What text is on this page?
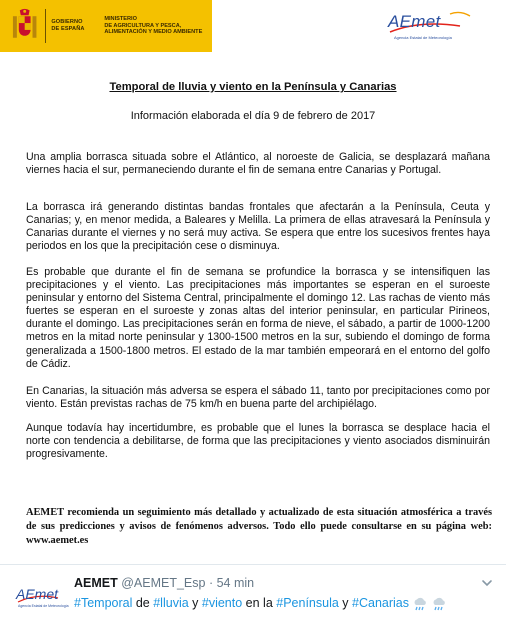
GOBIERNO
DE ESPAÑA
MINISTERIO
DE AGRICULTURA Y PESCA,
ALIMENTACIÓN Y MEDIO AMBIENTE
AEmet
Agencia Estatal de Meteorología
Temporal de lluvia y viento en la Península y Canarias
Información elaborada el día 9 de febrero de 2017

Una amplia borrasca situada sobre el Atlántico, al noroeste de Galicia, se desplazará mañana viernes hacia el sur, permaneciendo durante el fin de semana entre Canarias y Portugal.

La borrasca irá generando distintas bandas frontales que afectarán a la Península, Ceuta y Canarias; y, en menor medida, a Baleares y Melilla. La primera de ellas atravesará la Península y Canarias durante el viernes y no será muy activa. Se espera que entre los sucesivos frentes haya periodos en los que la precipitación cese o disminuya.

Es probable que durante el fin de semana se profundice la borrasca y se intensifiquen las precipitaciones y el viento. Las precipitaciones más importantes se esperan en el suroeste peninsular y entorno del Sistema Central, principalmente el domingo 12. Las rachas de viento más fuertes se esperan en el suroeste y zonas altas del interior peninsular, en particular Pirineos, durante el domingo. Las precipitaciones serán en forma de nieve, el sábado, a partir de 1000-1200 metros en la mitad norte peninsular y 1300-1500 metros en la sur, subiendo el domingo de forma generalizada a 1500-1800 metros. El estado de la mar también empeorará en el entorno del golfo de Cádiz.

En Canarias, la situación más adversa se espera el sábado 11, tanto por precipitaciones como por viento. Están previstas rachas de 75 km/h en buena parte del archipiélago.

Aunque todavía hay incertidumbre, es probable que el lunes la borrasca se desplace hacia el norte con tendencia a debilitarse, de forma que las precipitaciones y viento asociados disminuirán progresivamente.

AEMET recomienda un seguimiento más detallado y actualizado de esta situación atmosférica a través de sus predicciones y avisos de fenómenos adversos. Todo ello puede consultarse en su página web: www.aemet.es

AEmet
Agencia Estatal de Meteorología
AEMET @AEMET_Esp · 54 min
#Temporal de #lluvia y #viento en la #Península y #Canarias
